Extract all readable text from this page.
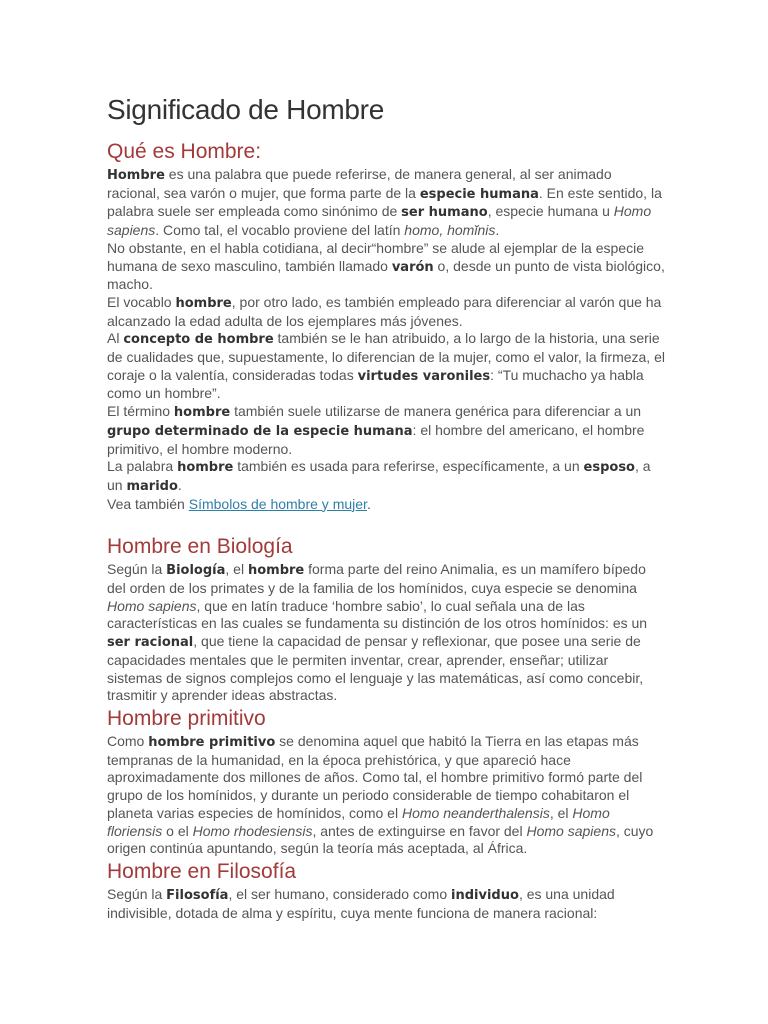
Significado de Hombre
Qué es Hombre:

Hombre es una palabra que puede referirse, de manera general, al ser animado racional, sea varón o mujer, que forma parte de la especie humana. En este sentido, la palabra suele ser empleada como sinónimo de ser humano, especie humana u Homo sapiens. Como tal, el vocablo proviene del latín homo, homĭnis.

No obstante, en el habla cotidiana, al decir“hombre” se alude al ejemplar de la especie humana de sexo masculino, también llamado varón o, desde un punto de vista biológico, macho.

El vocablo hombre, por otro lado, es también empleado para diferenciar al varón que ha alcanzado la edad adulta de los ejemplares más jóvenes.

Al concepto de hombre también se le han atribuido, a lo largo de la historia, una serie de cualidades que, supuestamente, lo diferencian de la mujer, como el valor, la firmeza, el coraje o la valentía, consideradas todas virtudes varoniles: “Tu muchacho ya habla como un hombre”.

El término hombre también suele utilizarse de manera genérica para diferenciar a un grupo determinado de la especie humana: el hombre del americano, el hombre primitivo, el hombre moderno.

La palabra hombre también es usada para referirse, específicamente, a un esposo, a un marido.

Vea también Símbolos de hombre y mujer.

Hombre en Biología

Según la Biología, el hombre forma parte del reino Animalia, es un mamífero bípedo del orden de los primates y de la familia de los homínidos, cuya especie se denomina Homo sapiens, que en latín traduce ‘hombre sabio’, lo cual señala una de las características en las cuales se fundamenta su distinción de los otros homínidos: es un ser racional, que tiene la capacidad de pensar y reflexionar, que posee una serie de capacidades mentales que le permiten inventar, crear, aprender, enseñar; utilizar sistemas de signos complejos como el lenguaje y las matemáticas, así como concebir, trasmitir y aprender ideas abstractas.

Hombre primitivo

Como hombre primitivo se denomina aquel que habitó la Tierra en las etapas más tempranas de la humanidad, en la época prehistórica, y que apareció hace aproximadamente dos millones de años. Como tal, el hombre primitivo formó parte del grupo de los homínidos, y durante un periodo considerable de tiempo cohabitaron el planeta varias especies de homínidos, como el Homo neanderthalensis, el Homo floriensis o el Homo rhodesiensis, antes de extinguirse en favor del Homo sapiens, cuyo origen continúa apuntando, según la teoría más aceptada, al África.

Hombre en Filosofía

Según la Filosofía, el ser humano, considerado como individuo, es una unidad indivisible, dotada de alma y espíritu, cuya mente funciona de manera racional:
